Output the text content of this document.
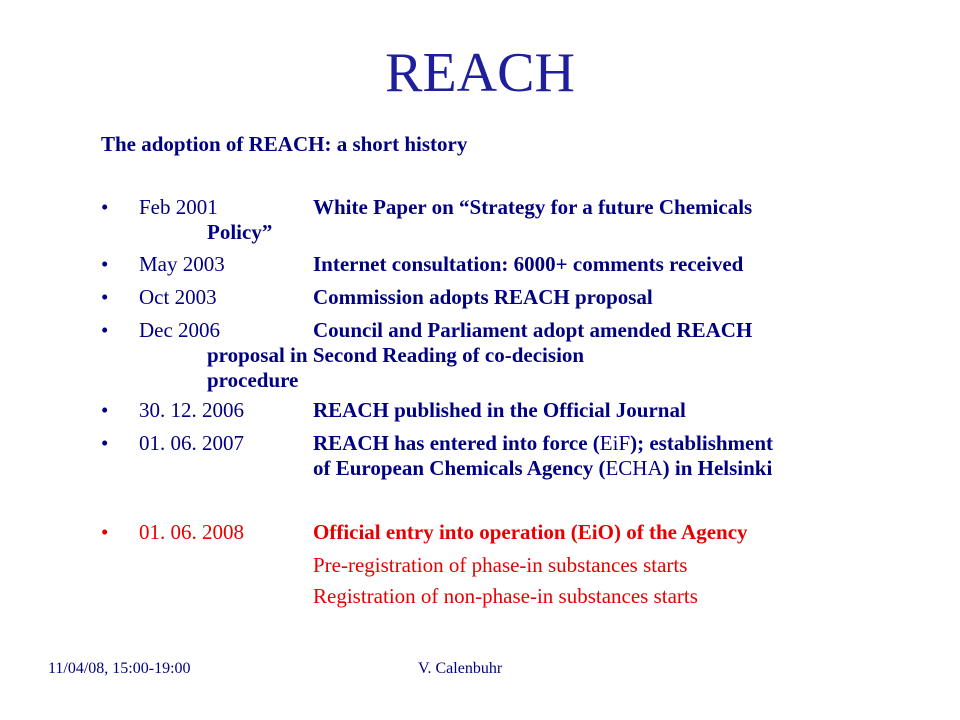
REACH
The adoption of REACH: a short history
•	Feb 2001	White Paper on “Strategy for a future Chemicals
Policy”
•	May 2003	Internet consultation: 6000+ comments received
•	Oct 2003	Commission adopts REACH proposal
•	Dec 2006	Council and Parliament adopt amended REACH
proposal in Second Reading of co-decision
procedure
•	30. 12. 2006	REACH published in the Official Journal
•	01. 06. 2007	REACH has entered into force (EiF); establishment
of European Chemicals Agency (ECHA) in Helsinki
•	01. 06. 2008	Official entry into operation (EiO) of the Agency
Pre-registration of phase-in substances starts
Registration of non-phase-in substances starts
11/04/08, 15:00-19:00	V. Calenbuhr
